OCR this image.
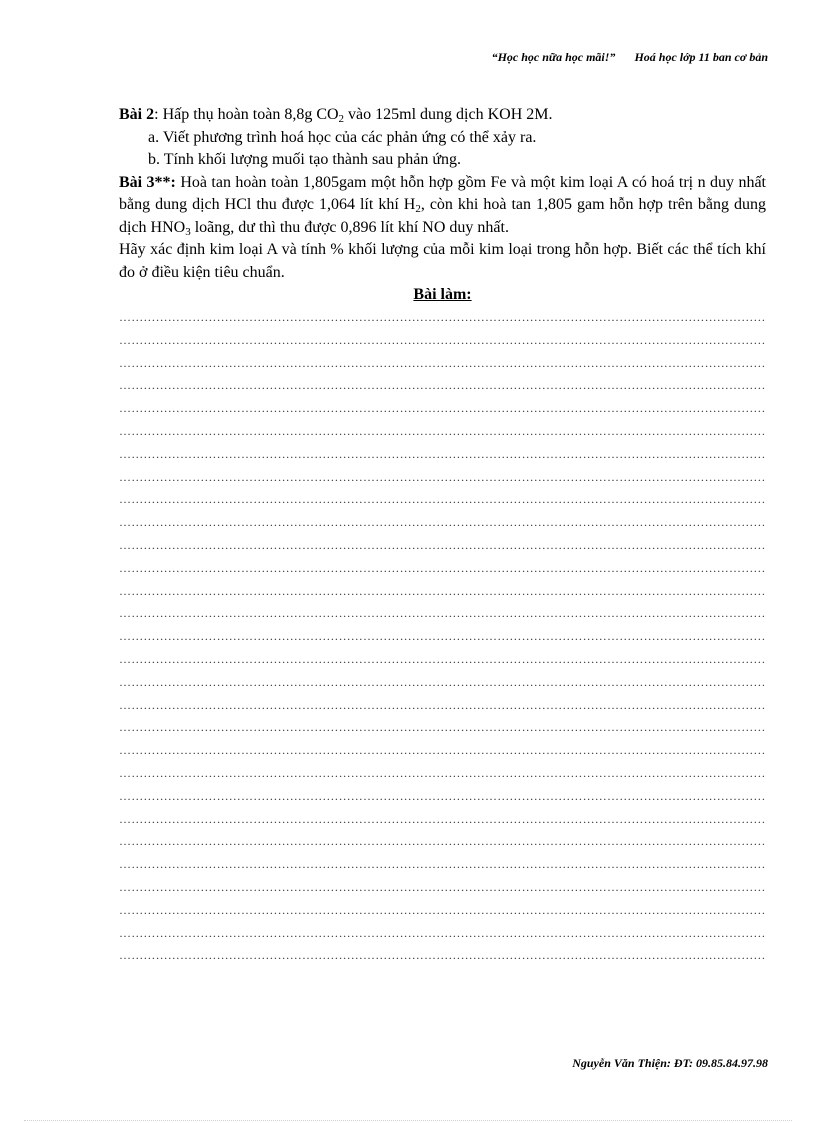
“Học học nữa học mãi!” Hoá học lớp 11 ban cơ bản

Bài 2: Hấp thụ hoàn toàn 8,8g $CO_2$ vào 125ml dung dịch KOH 2M.

a. Viết phương trình hoá học của các phản ứng có thể xảy ra.

b. Tính khối lượng muối tạo thành sau phản ứng.

Bài 3**: Hoà tan hoàn toàn 1,805gam một hỗn hợp gồm Fe và một kim loại A có hoá trị n duy nhất bằng dung dịch HCl thu được 1,064 lít khí $H_2$, còn khi hoà tan 1,805 gam hỗn hợp trên bằng dung dịch $HNO_3$ loãng, dư thì thu được 0,896 lít khí NO duy nhất.

Hãy xác định kim loại A và tính % khối lượng của mỗi kim loại trong hỗn hợp. Biết các thể tích khí đo ở điều kiện tiêu chuẩn.

Bài làm:

……………………………………………………………………………………………………………………………………………
……………………………………………………………………………………………………………………………………………
……………………………………………………………………………………………………………………………………………
……………………………………………………………………………………………………………………………………………
……………………………………………………………………………………………………………………………………………
……………………………………………………………………………………………………………………………………………
……………………………………………………………………………………………………………………………………………
……………………………………………………………………………………………………………………………………………
……………………………………………………………………………………………………………………………………………
……………………………………………………………………………………………………………………………………………
……………………………………………………………………………………………………………………………………………
……………………………………………………………………………………………………………………………………………
……………………………………………………………………………………………………………………………………………
……………………………………………………………………………………………………………………………………………
……………………………………………………………………………………………………………………………………………
……………………………………………………………………………………………………………………………………………
……………………………………………………………………………………………………………………………………………
……………………………………………………………………………………………………………………………………………
……………………………………………………………………………………………………………………………………………
……………………………………………………………………………………………………………………………………………
……………………………………………………………………………………………………………………………………………
……………………………………………………………………………………………………………………………………………
……………………………………………………………………………………………………………………………………………
……………………………………………………………………………………………………………………………………………
……………………………………………………………………………………………………………………………………………
……………………………………………………………………………………………………………………………………………
……………………………………………………………………………………………………………………………………………
……………………………………………………………………………………………………………………………………………
……………………………………………………………………………………………………………………………………………
Nguyễn Văn Thiện: ĐT: 09.85.84.97.98
